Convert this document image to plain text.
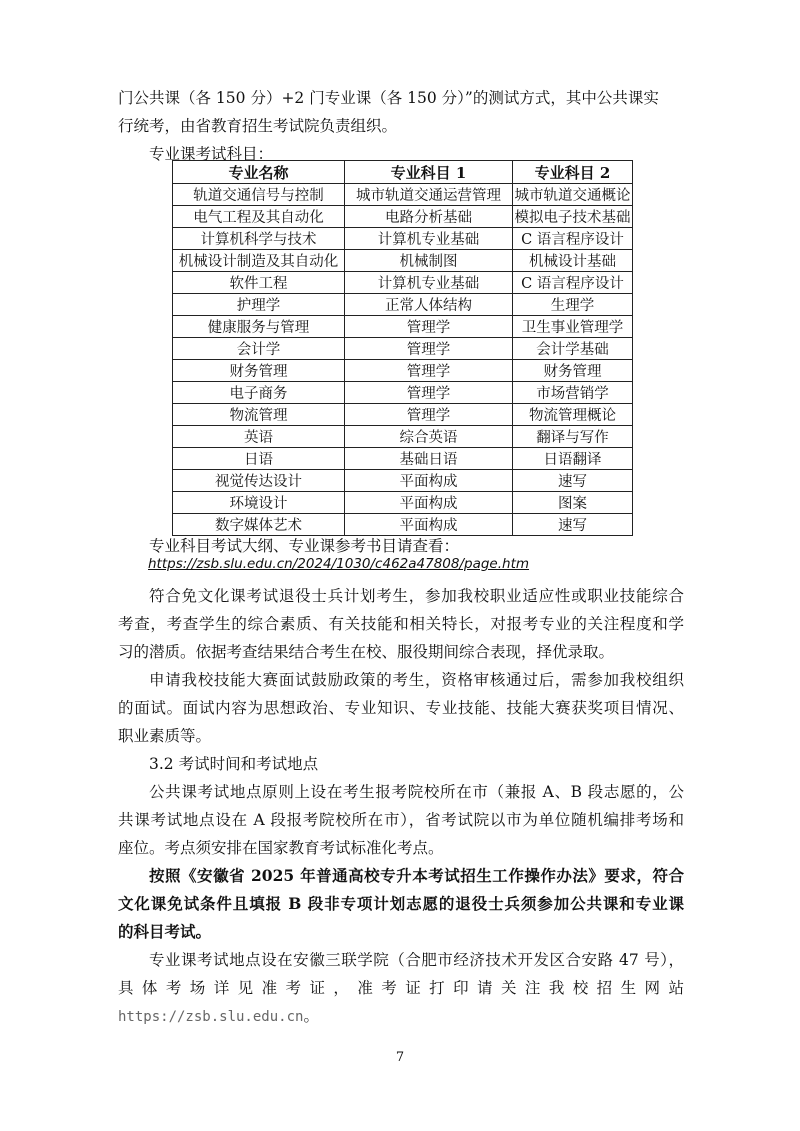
门公共课（各 150 分）+2 门专业课（各 150 分）”的测试方式，其中公共课实

行统考，由省教育招生考试院负责组织。

专业课考试科目：

专业名称	专业科目 1	专业科目 2
轨道交通信号与控制	城市轨道交通运营管理	城市轨道交通概论
电气工程及其自动化	电路分析基础	模拟电子技术基础
计算机科学与技术	计算机专业基础	C 语言程序设计
机械设计制造及其自动化	机械制图	机械设计基础
软件工程	计算机专业基础	C 语言程序设计
护理学	正常人体结构	生理学
健康服务与管理	管理学	卫生事业管理学
会计学	管理学	会计学基础
财务管理	管理学	财务管理
电子商务	管理学	市场营销学
物流管理	管理学	物流管理概论
英语	综合英语	翻译与写作
日语	基础日语	日语翻译
视觉传达设计	平面构成	速写
环境设计	平面构成	图案
数字媒体艺术	平面构成	速写

专业科目考试大纲、专业课参考书目请查看：

https://zsb.slu.edu.cn/2024/1030/c462a47808/page.htm

符合免文化课考试退役士兵计划考生，参加我校职业适应性或职业技能综合

考查，考查学生的综合素质、有关技能和相关特长，对报考专业的关注程度和学

习的潜质。依据考查结果结合考生在校、服役期间综合表现，择优录取。

申请我校技能大赛面试鼓励政策的考生，资格审核通过后，需参加我校组织

的面试。面试内容为思想政治、专业知识、专业技能、技能大赛获奖项目情况、

职业素质等。

3.2 考试时间和考试地点

公共课考试地点原则上设在考生报考院校所在市（兼报 A、B 段志愿的，公

共课考试地点设在 A 段报考院校所在市），省考试院以市为单位随机编排考场和

座位。考点须安排在国家教育考试标准化考点。

按照《安徽省 2025 年普通高校专升本考试招生工作操作办法》要求，符合

文化课免试条件且填报 B 段非专项计划志愿的退役士兵须参加公共课和专业课

的科目考试。

专业课考试地点设在安徽三联学院（合肥市经济技术开发区合安路 47 号），

具体考场详见准考证，准考证打印请关注我校招生网站

https://zsb.slu.edu.cn。

7
